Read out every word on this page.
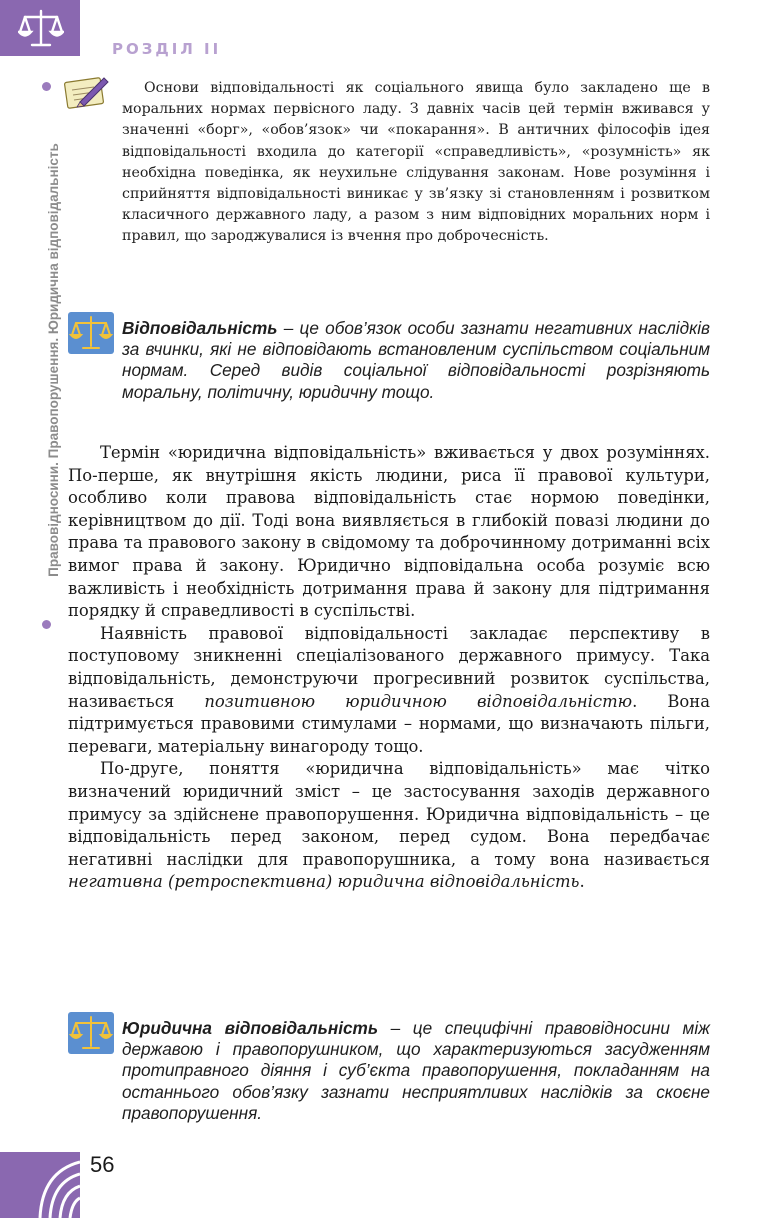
РОЗДІЛ ІІ
Правовідносини. Правопорушення. Юридична відповідальність
Основи відповідальності як соціального явища було закладено ще в моральних нормах первісного ладу. З давніх часів цей термін вживався у значенні «борг», «обов’язок» чи «покарання». В античних філософів ідея відповідальності входила до категорії «справедливість», «розумність» як необхідна поведінка, як неухильне слідування законам. Нове розуміння і сприйняття відповідальності виникає у зв’язку зі становленням і розвитком класичного державного ладу, а разом з ним відповідних моральних норм і правил, що зароджувалися із вчення про доброчесність.
Відповідальність – це обов’язок особи зазнати негативних наслідків за вчинки, які не відповідають встановленим суспільством соціальним нормам. Серед видів соціальної відповідальності розрізняють моральну, політичну, юридичну тощо.

Термін «юридична відповідальність» вживається у двох розуміннях. По-перше, як внутрішня якість людини, риса її правової культури, особливо коли правова відповідальність стає нормою поведінки, керівництвом до дії. Тоді вона виявляється в глибокій повазі людини до права та правового закону в свідомому та доброчинному дотриманні всіх вимог права й закону. Юридично відповідальна особа розуміє всю важливість і необхідність дотримання права й закону для підтримання порядку й справедливості в суспільстві.

Наявність правової відповідальності закладає перспективу в поступовому зникненні спеціалізованого державного примусу. Така відповідальність, демонструючи прогресивний розвиток суспільства, називається позитивною юридичною відповідальністю. Вона підтримується правовими стимулами – нормами, що визначають пільги, переваги, матеріальну винагороду тощо.

По-друге, поняття «юридична відповідальність» має чітко визначений юридичний зміст – це застосування заходів державного примусу за здійснене правопорушення. Юридична відповідальність – це відповідальність перед законом, перед судом. Вона передбачає негативні наслідки для правопорушника, а тому вона називається негативна (ретроспективна) юридична відповідальність.

Юридична відповідальність – це специфічні правовідносини між державою і правопорушником, що характеризуються засудженням протиправного діяння і суб’єкта правопорушення, покладанням на останнього обов’язку зазнати несприятливих наслідків за скоєне правопорушення.
56
